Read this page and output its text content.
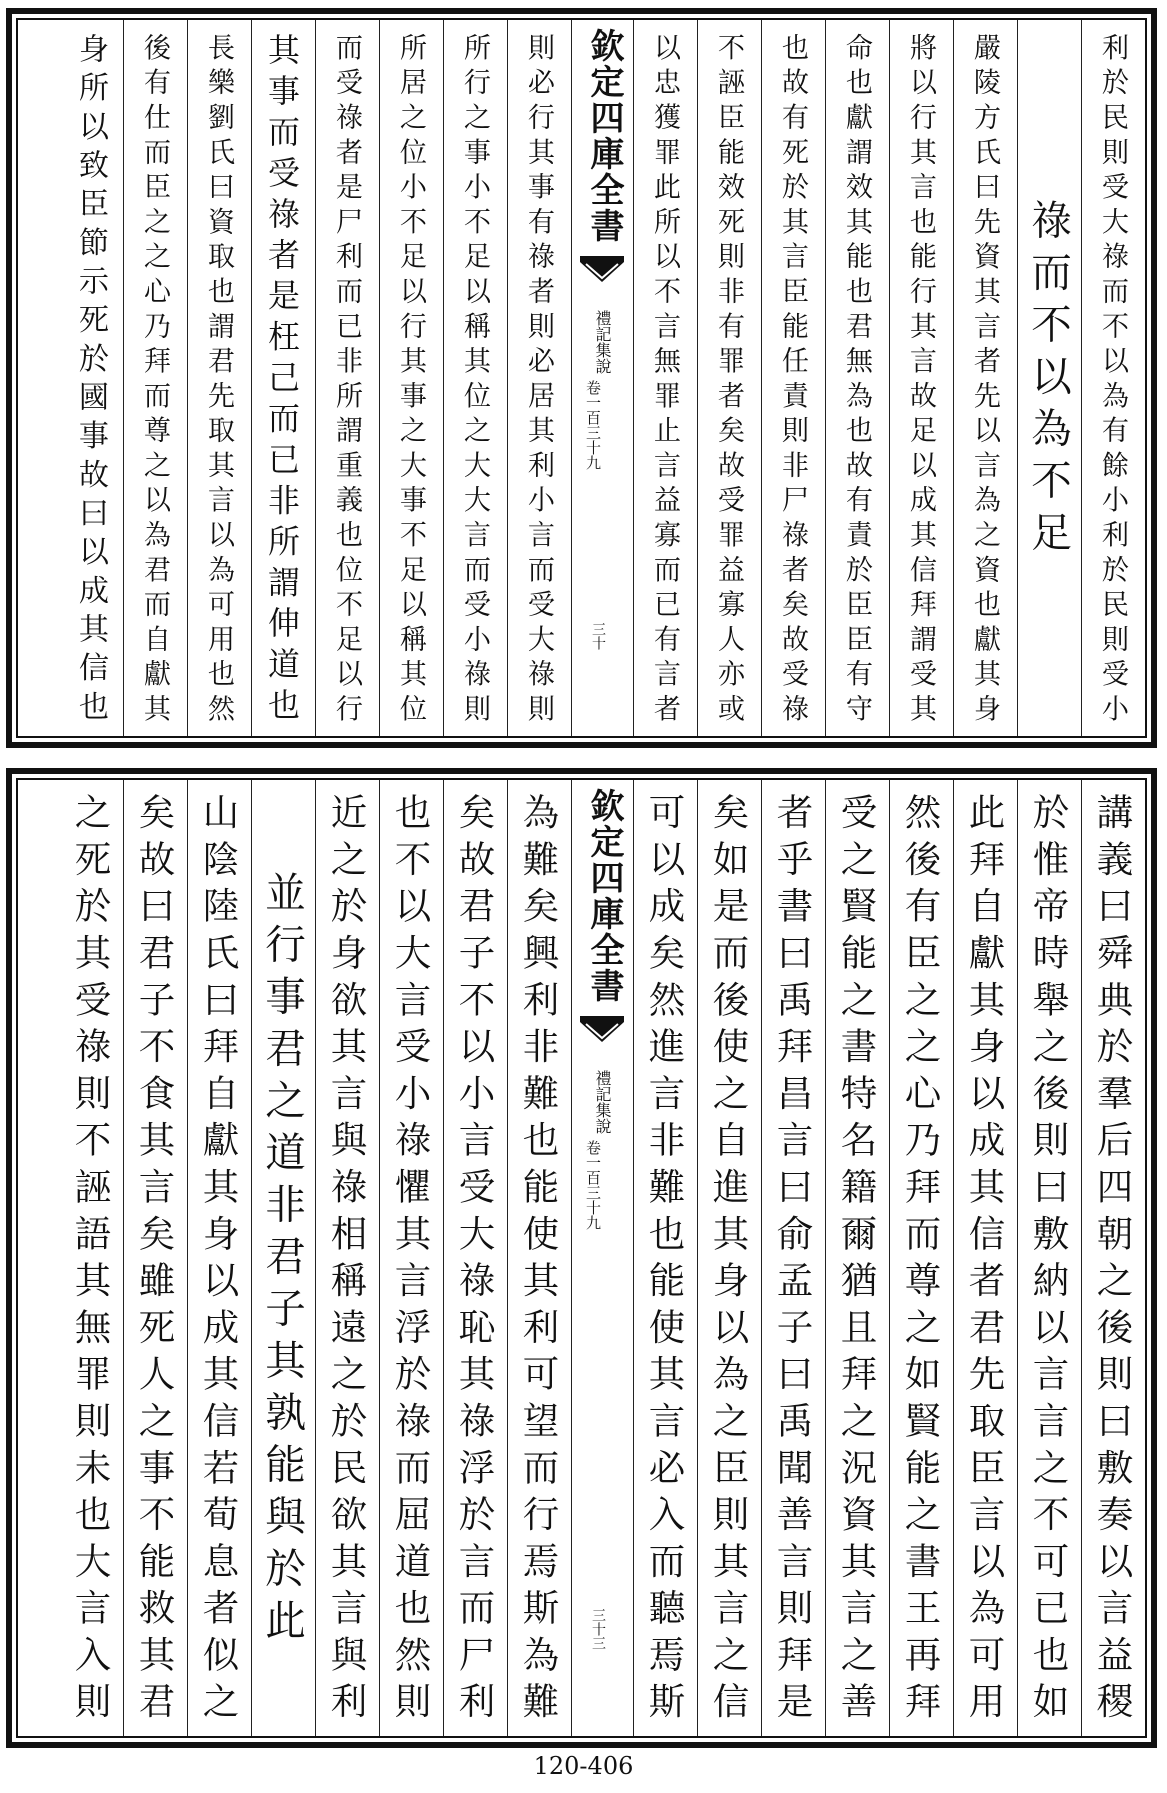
利於民則受大祿而不以為有餘小利於民則受小
祿而不以為不足
嚴陵方氏曰先資其言者先以言為之資也獻其身
將以行其言也能行其言故足以成其信拜謂受其
命也獻謂效其能也君無為也故有責於臣臣有守
也故有死於其言臣能任責則非尸祿者矣故受祿
不誣臣能效死則非有罪者矣故受罪益寡人亦或
以忠獲罪此所以不言無罪止言益寡而已有言者
欽定四庫全書
禮記集說
卷一百三十九
三十
則必行其事有祿者則必居其利小言而受大祿則
所行之事小不足以稱其位之大大言而受小祿則
所居之位小不足以行其事之大事不足以稱其位
而受祿者是尸利而已非所謂重義也位不足以行
其事而受祿者是枉己而已非所謂伸道也
長樂劉氏曰資取也謂君先取其言以為可用也然
後有仕而臣之之心乃拜而尊之以為君而自獻其
身所以致臣節示死於國事故曰以成其信也
講義曰舜典於羣后四朝之後則曰敷奏以言益稷
於惟帝時舉之後則曰敷納以言言之不可已也如
此拜自獻其身以成其信者君先取臣言以為可用
然後有臣之之心乃拜而尊之如賢能之書王再拜
受之賢能之書特名籍爾猶且拜之況資其言之善
者乎書曰禹拜昌言曰俞孟子曰禹聞善言則拜是
矣如是而後使之自進其身以為之臣則其言之信
可以成矣然進言非難也能使其言必入而聽焉斯
欽定四庫全書
禮記集說
卷一百三十九
三十三
為難矣興利非難也能使其利可望而行焉斯為難
矣故君子不以小言受大祿恥其祿浮於言而尸利
也不以大言受小祿懼其言浮於祿而屈道也然則
近之於身欲其言與祿相稱遠之於民欲其言與利
並行事君之道非君子其孰能與於此
山陰陸氏曰拜自獻其身以成其信若荀息者似之
矣故曰君子不食其言矣雖死人之事不能救其君
之死於其受祿則不誣語其無罪則未也大言入則
120-406
